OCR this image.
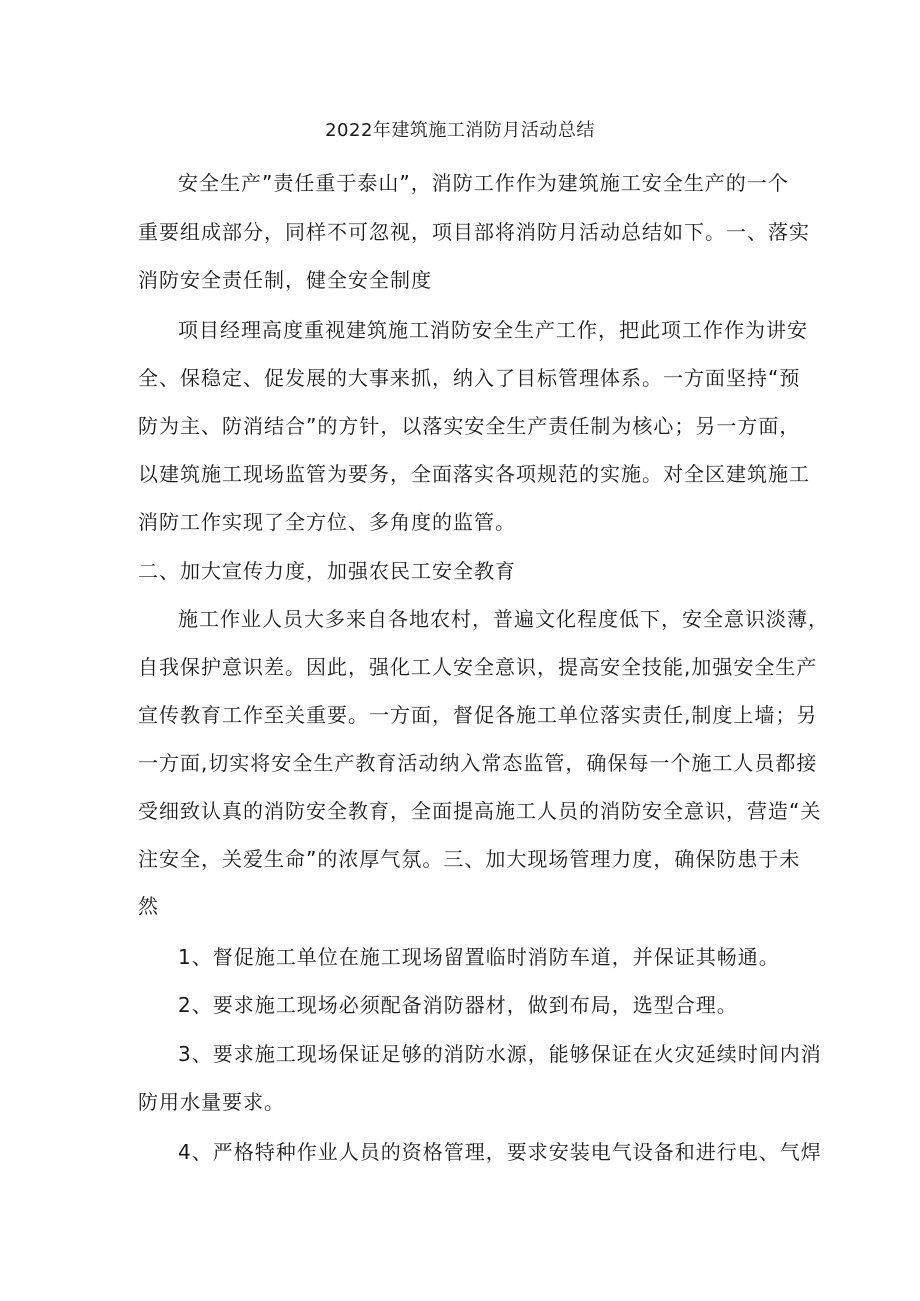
2022年建筑施工消防月活动总结
安全生产”责任重于泰山”，消防工作作为建筑施工安全生产的一个
重要组成部分，同样不可忽视，项目部将消防月活动总结如下。一、落实
消防安全责任制，健全安全制度
项目经理高度重视建筑施工消防安全生产工作，把此项工作作为讲安
全、保稳定、促发展的大事来抓，纳入了目标管理体系。一方面坚持“预
防为主、防消结合”的方针，以落实安全生产责任制为核心；另一方面，
以建筑施工现场监管为要务，全面落实各项规范的实施。对全区建筑施工
消防工作实现了全方位、多角度的监管。
二、加大宣传力度，加强农民工安全教育
施工作业人员大多来自各地农村，普遍文化程度低下，安全意识淡薄，
自我保护意识差。因此，强化工人安全意识，提高安全技能,加强安全生产
宣传教育工作至关重要。一方面，督促各施工单位落实责任,制度上墙；另
一方面,切实将安全生产教育活动纳入常态监管，确保每一个施工人员都接
受细致认真的消防安全教育，全面提高施工人员的消防安全意识，营造“关
注安全，关爱生命”的浓厚气氛。三、加大现场管理力度，确保防患于未
然
1、督促施工单位在施工现场留置临时消防车道，并保证其畅通。
2、要求施工现场必须配备消防器材，做到布局，选型合理。
3、要求施工现场保证足够的消防水源，能够保证在火灾延续时间内消
防用水量要求。
4、严格特种作业人员的资格管理，要求安装电气设备和进行电、气焊
